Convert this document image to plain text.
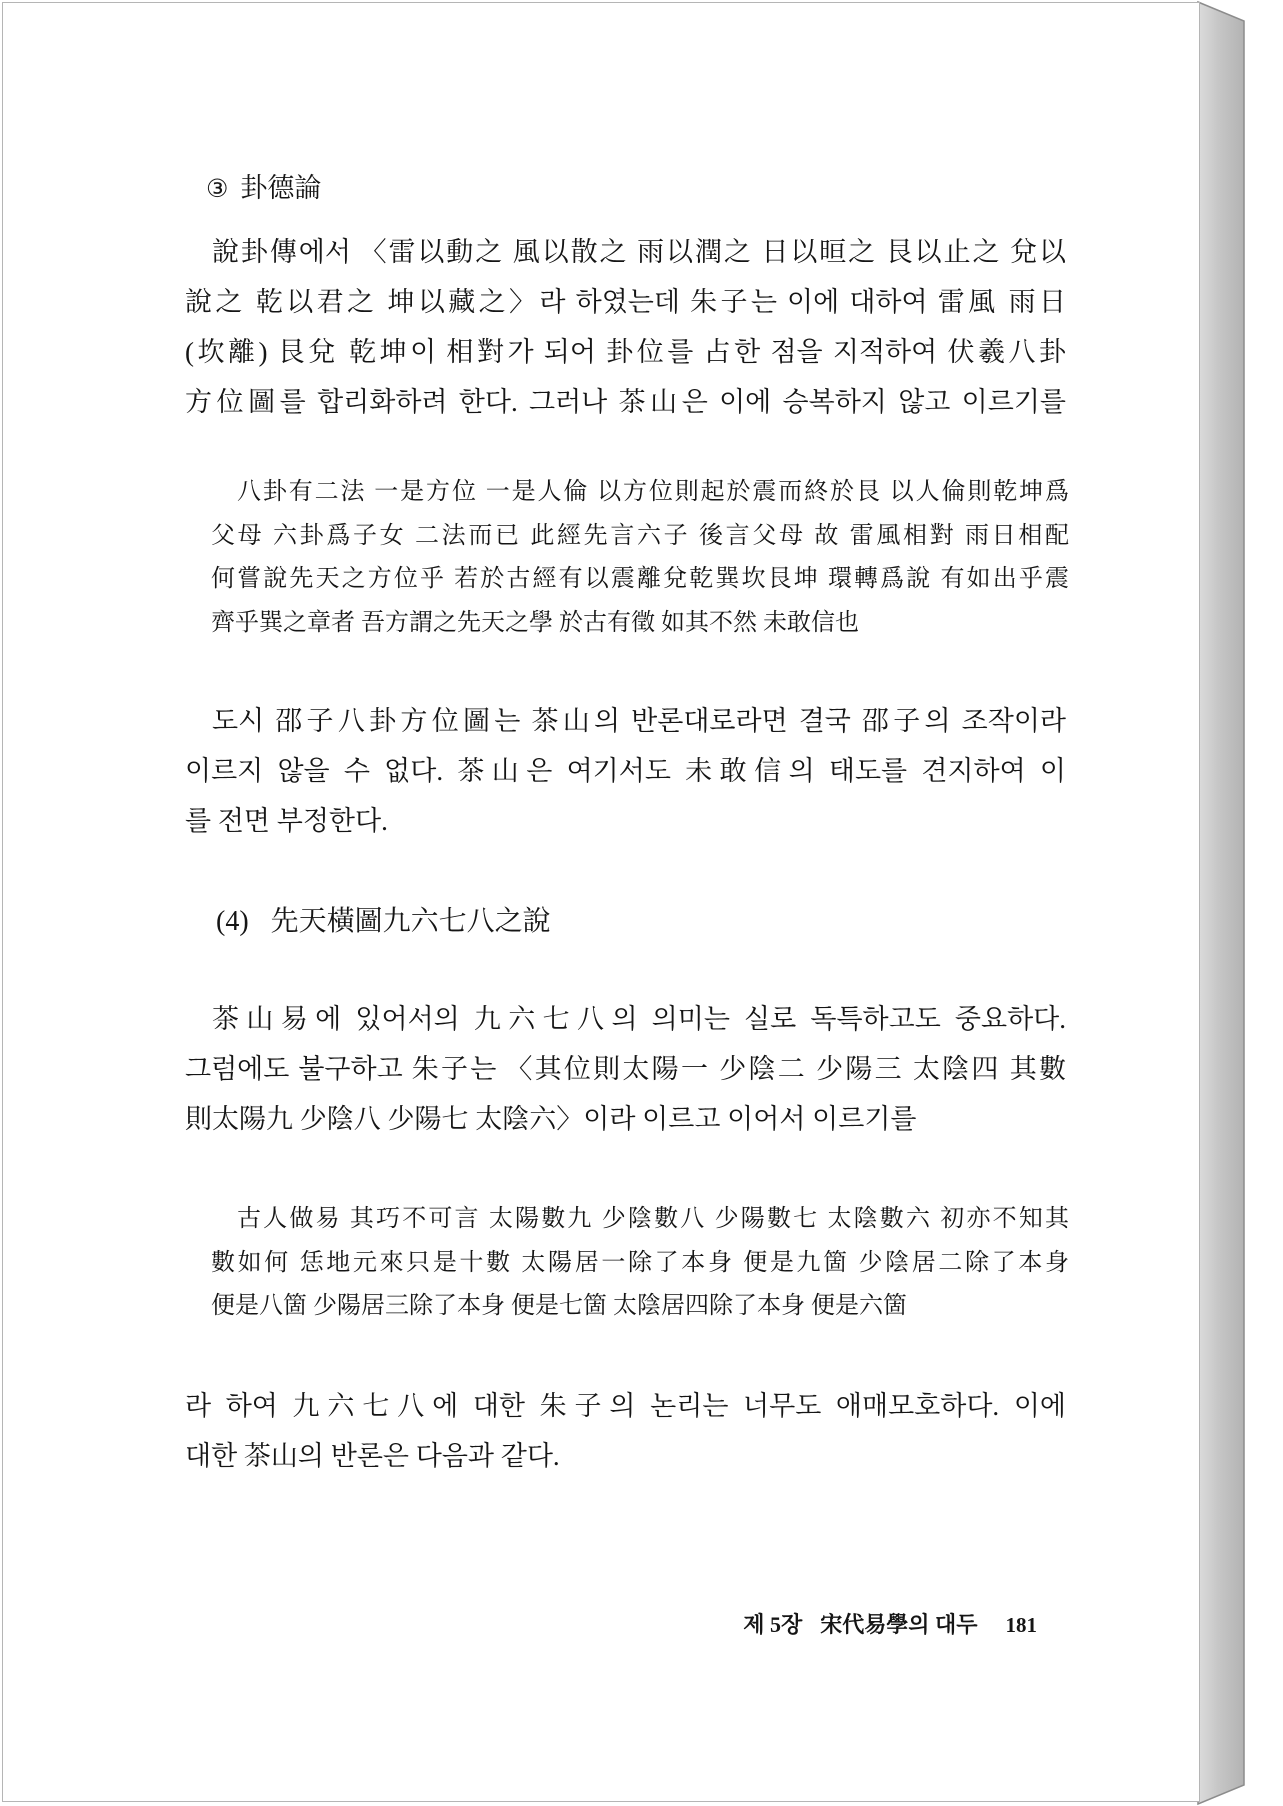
③ 卦德論
說卦傳에서 〈雷以動之 風以散之 雨以潤之 日以晅之 艮以止之 兌以
說之 乾以君之 坤以藏之〉라 하였는데 朱子는 이에 대하여 雷風 雨日
(坎離) 艮兌 乾坤이 相對가 되어 卦位를 占한 점을 지적하여 伏羲八卦
方位圖를 합리화하려 한다. 그러나 茶山은 이에 승복하지 않고 이르기를
八卦有二法 一是方位 一是人倫 以方位則起於震而終於艮 以人倫則乾坤爲
父母 六卦爲子女 二法而已 此經先言六子 後言父母 故 雷風相對 雨日相配
何嘗說先天之方位乎 若於古經有以震離兌乾巽坎艮坤 環轉爲說 有如出乎震
齊乎巽之章者 吾方謂之先天之學 於古有徵 如其不然 未敢信也
도시 邵子八卦方位圖는 茶山의 반론대로라면 결국 邵子의 조작이라
이르지 않을 수 없다. 茶山은 여기서도 未敢信의 태도를 견지하여 이
를 전면 부정한다.
(4) 先天橫圖九六七八之說
茶山易에 있어서의 九六七八의 의미는 실로 독특하고도 중요하다.
그럼에도 불구하고 朱子는 〈其位則太陽一 少陰二 少陽三 太陰四 其數
則太陽九 少陰八 少陽七 太陰六〉이라 이르고 이어서 이르기를
古人做易 其巧不可言 太陽數九 少陰數八 少陽數七 太陰數六 初亦不知其
數如何 恁地元來只是十數 太陽居一除了本身 便是九箇 少陰居二除了本身
便是八箇 少陽居三除了本身 便是七箇 太陰居四除了本身 便是六箇
라 하여 九六七八에 대한 朱子의 논리는 너무도 애매모호하다. 이에
대한 茶山의 반론은 다음과 같다.
제 5장 宋代易學의 대두 181
